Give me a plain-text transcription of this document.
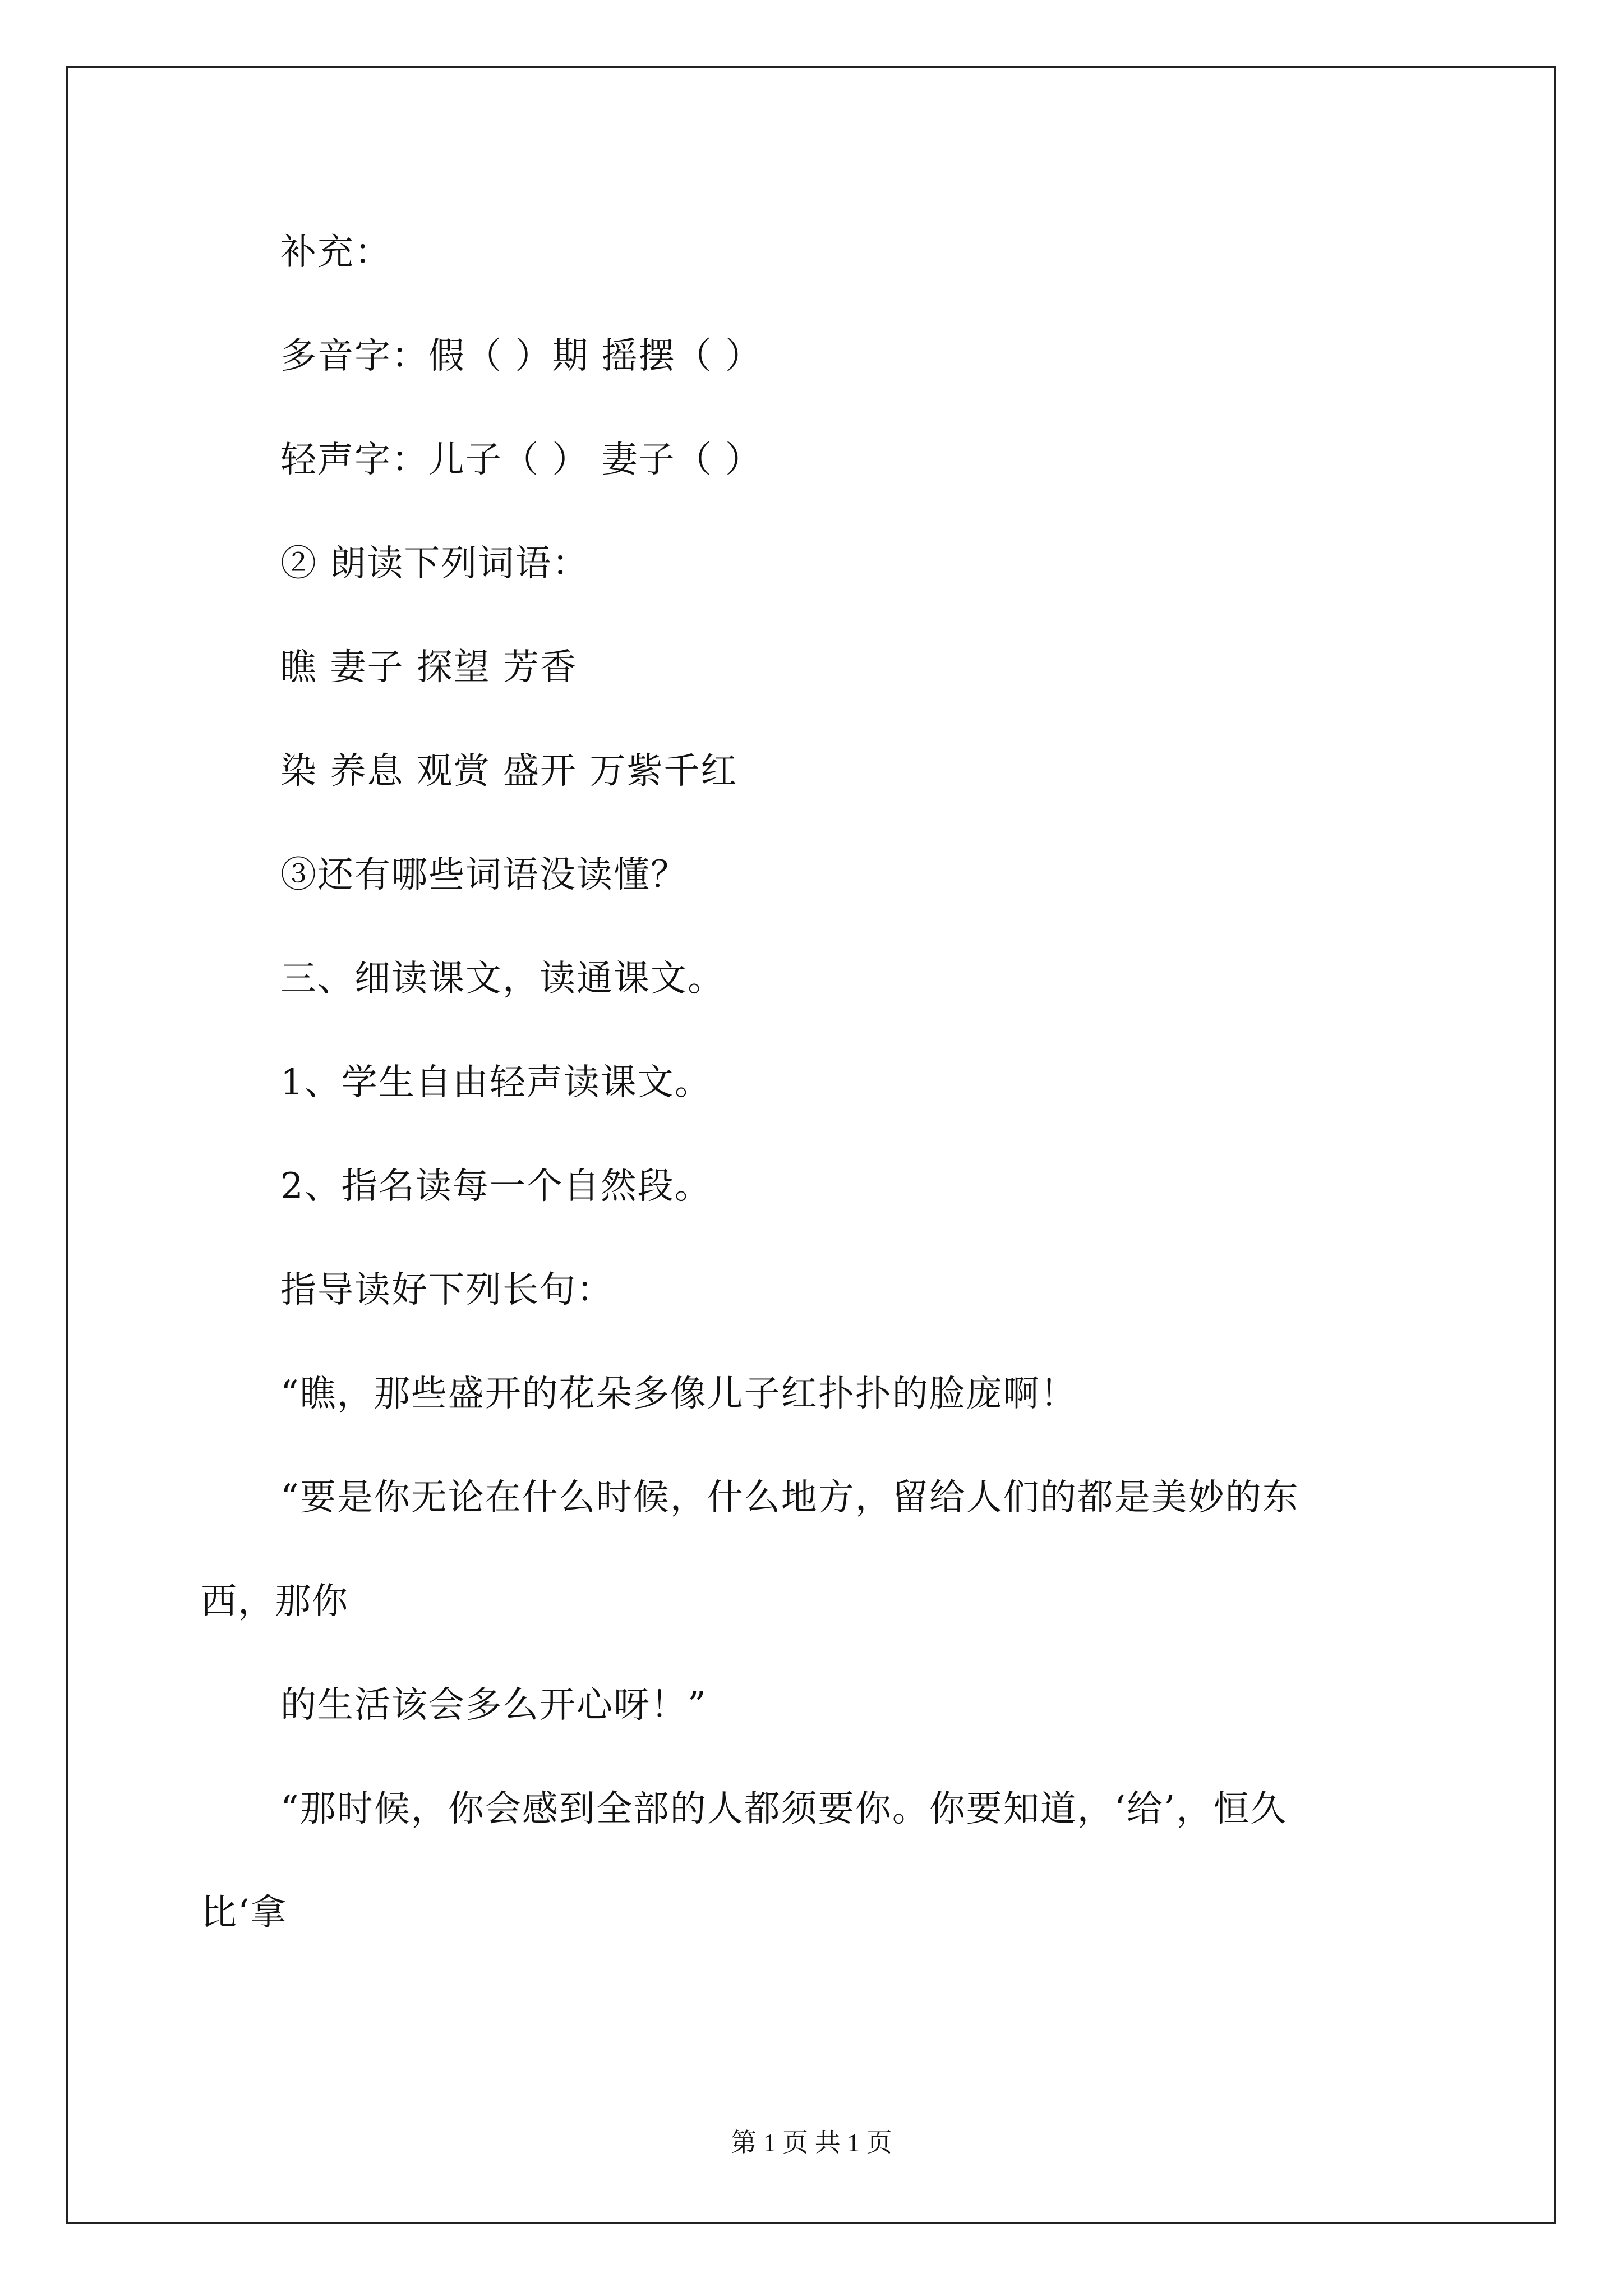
补充：
多音字：假（ ）期 摇摆（ ）
轻声字：儿子（ ） 妻子（ ）
② 朗读下列词语：
瞧 妻子 探望 芳香
染 养息 观赏 盛开 万紫千红
③还有哪些词语没读懂？
三、细读课文，读通课文。
1、学生自由轻声读课文。
2、指名读每一个自然段。
指导读好下列长句：
“瞧，那些盛开的花朵多像儿子红扑扑的脸庞啊！
“要是你无论在什么时候，什么地方，留给人们的都是美妙的东
西，那你
的生活该会多么开心呀！”
“那时候，你会感到全部的人都须要你。你要知道，‘给’，恒久
比‘拿
第 1 页 共 1 页
